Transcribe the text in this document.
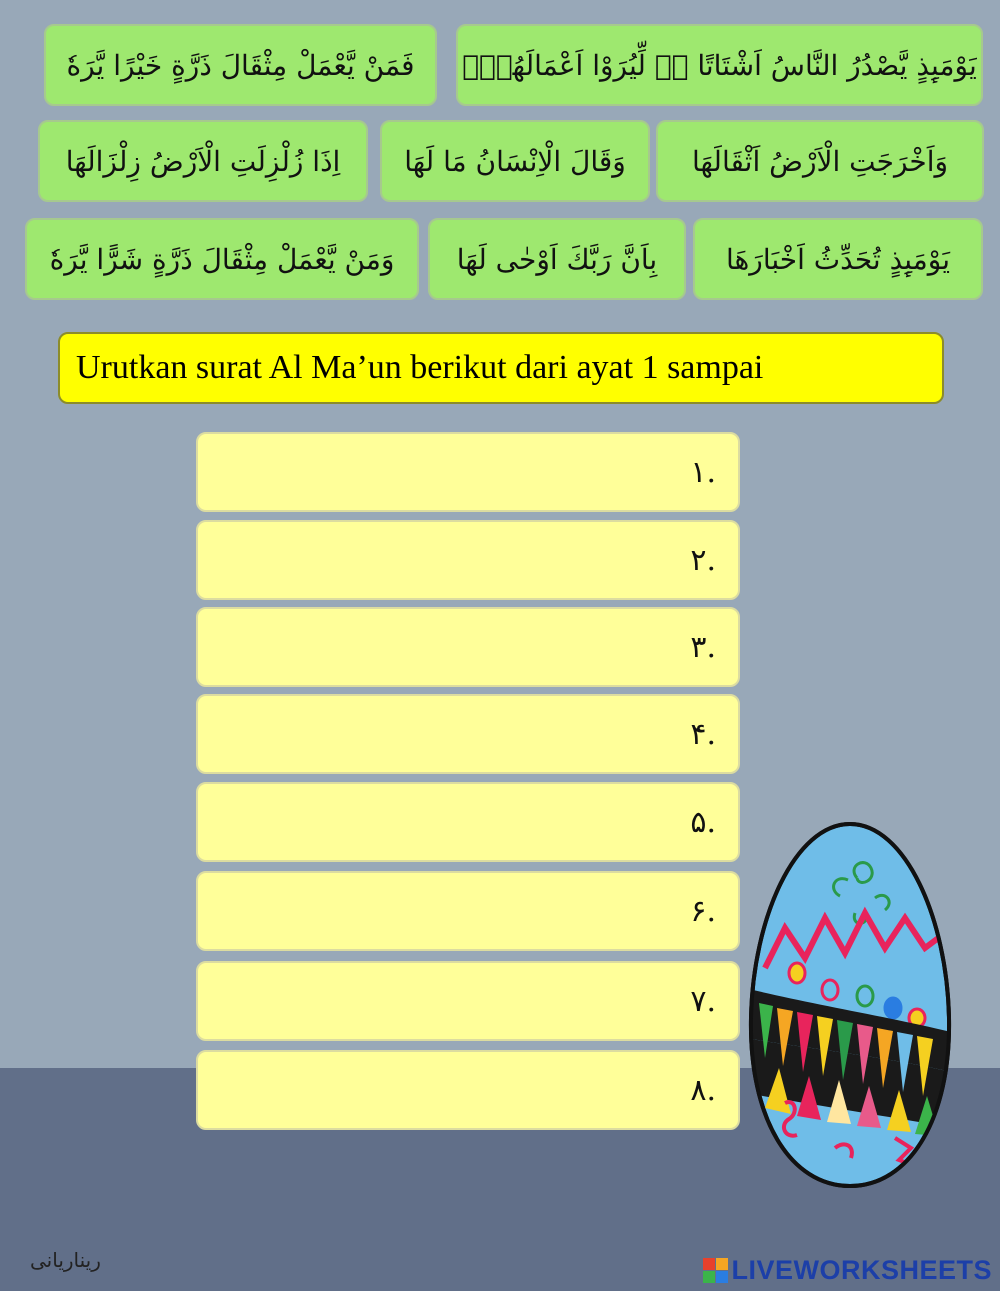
فَمَنْ يَّعْمَلْ مِثْقَالَ ذَرَّةٍ خَيْرًا يَّرَهٗ	يَوْمَىِٕذٍ يَّصْدُرُ النَّاسُ اَشْتَاتًا ەۙ لِّيُرَوْا اَعْمَالَهُمْۗ
اِذَا زُلْزِلَتِ الْاَرْضُ زِلْزَالَهَا	وَقَالَ الْاِنْسَانُ مَا لَهَا	وَاَخْرَجَتِ الْاَرْضُ اَثْقَالَهَا
وَمَنْ يَّعْمَلْ مِثْقَالَ ذَرَّةٍ شَرًّا يَّرَهٗ	بِاَنَّ رَبَّكَ اَوْحٰى لَهَا	يَوْمَىِٕذٍ تُحَدِّثُ اَخْبَارَهَا
Urutkan surat Al Ma’un berikut dari ayat 1 sampai
١.
٢.
٣.
۴.
۵.
۶.
٧.
٨.
ريناريانى	LIVEWORKSHEETS
